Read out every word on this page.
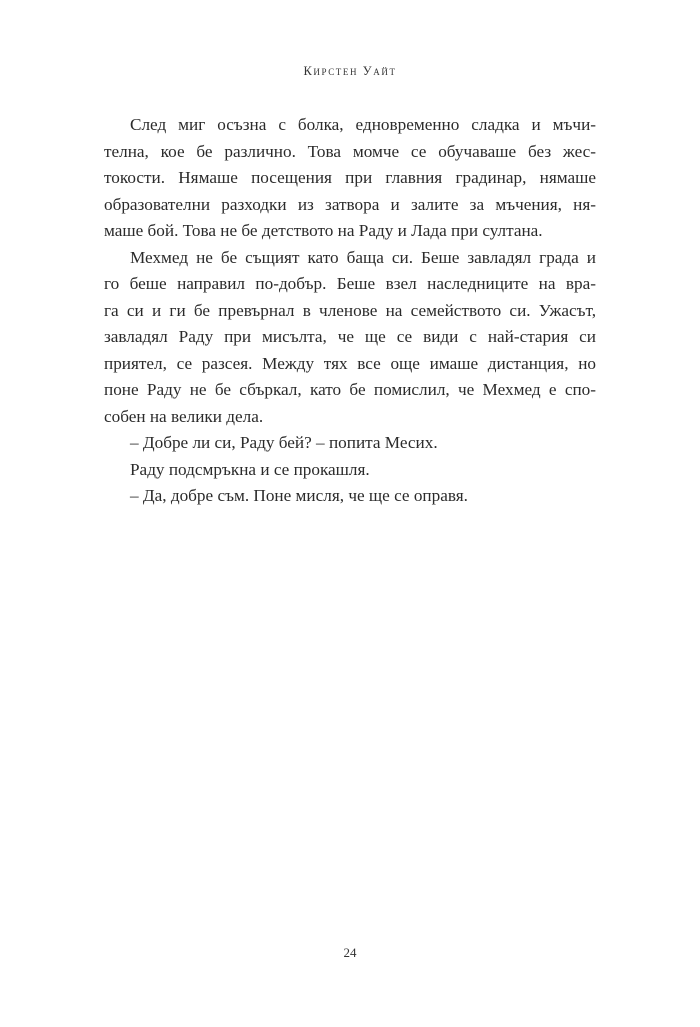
Кирстен Уайт
След миг осъзна с болка, едновременно сладка и мъчи-
телна, кое бе различно. Това момче се обучаваше без жес-
токости. Нямаше посещения при главния градинар, нямаше
образователни разходки из затвора и залите за мъчения, ня-
маше бой. Това не бе детството на Раду и Лада при султана.
Мехмед не бе същият като баща си. Беше завладял града и
го беше направил по-добър. Беше взел наследниците на вра-
га си и ги бе превърнал в членове на семейството си. Ужасът,
завладял Раду при мисълта, че ще се види с най-стария си
приятел, се разсея. Между тях все още имаше дистанция, но
поне Раду не бе сбъркал, като бе помислил, че Мехмед е спо-
собен на велики дела.
– Добре ли си, Раду бей? – попита Месих.
Раду подсмръкна и се прокашля.
– Да, добре съм. Поне мисля, че ще се оправя.
24
